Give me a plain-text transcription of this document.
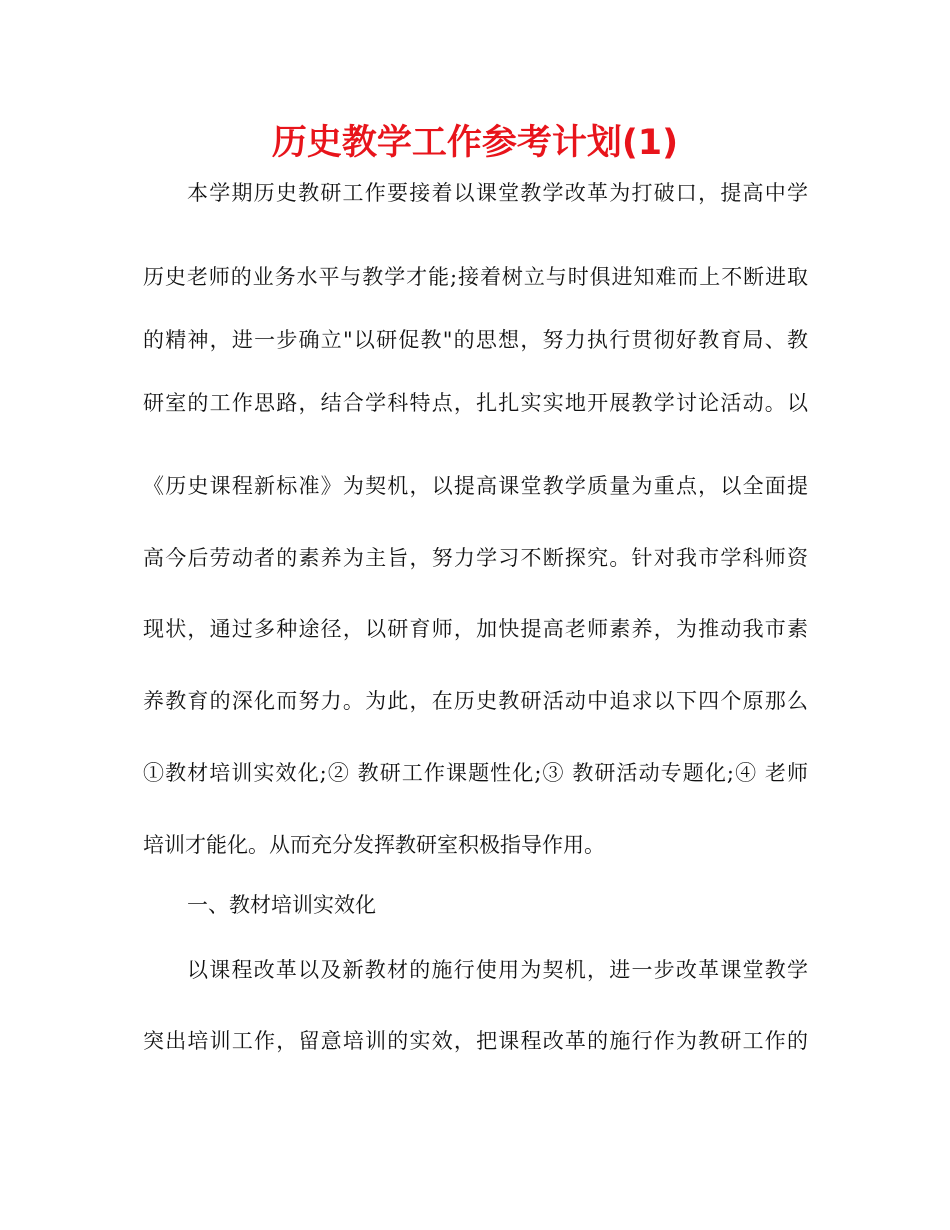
历史教学工作参考计划(1)
本学期历史教研工作要接着以课堂教学改革为打破口，提高中学
历史老师的业务水平与教学才能;接着树立与时俱进知难而上不断进取
的精神，进一步确立"以研促教"的思想，努力执行贯彻好教育局、教
研室的工作思路，结合学科特点，扎扎实实地开展教学讨论活动。以
《历史课程新标准》为契机，以提高课堂教学质量为重点，以全面提
高今后劳动者的素养为主旨，努力学习不断探究。针对我市学科师资
现状，通过多种途径，以研育师，加快提高老师素养，为推动我市素
养教育的深化而努力。为此，在历史教研活动中追求以下四个原那么
①教材培训实效化;② 教研工作课题性化;③ 教研活动专题化;④ 老师
培训才能化。从而充分发挥教研室积极指导作用。
一、教材培训实效化
以课程改革以及新教材的施行使用为契机，进一步改革课堂教学
突出培训工作，留意培训的实效，把课程改革的施行作为教研工作的
